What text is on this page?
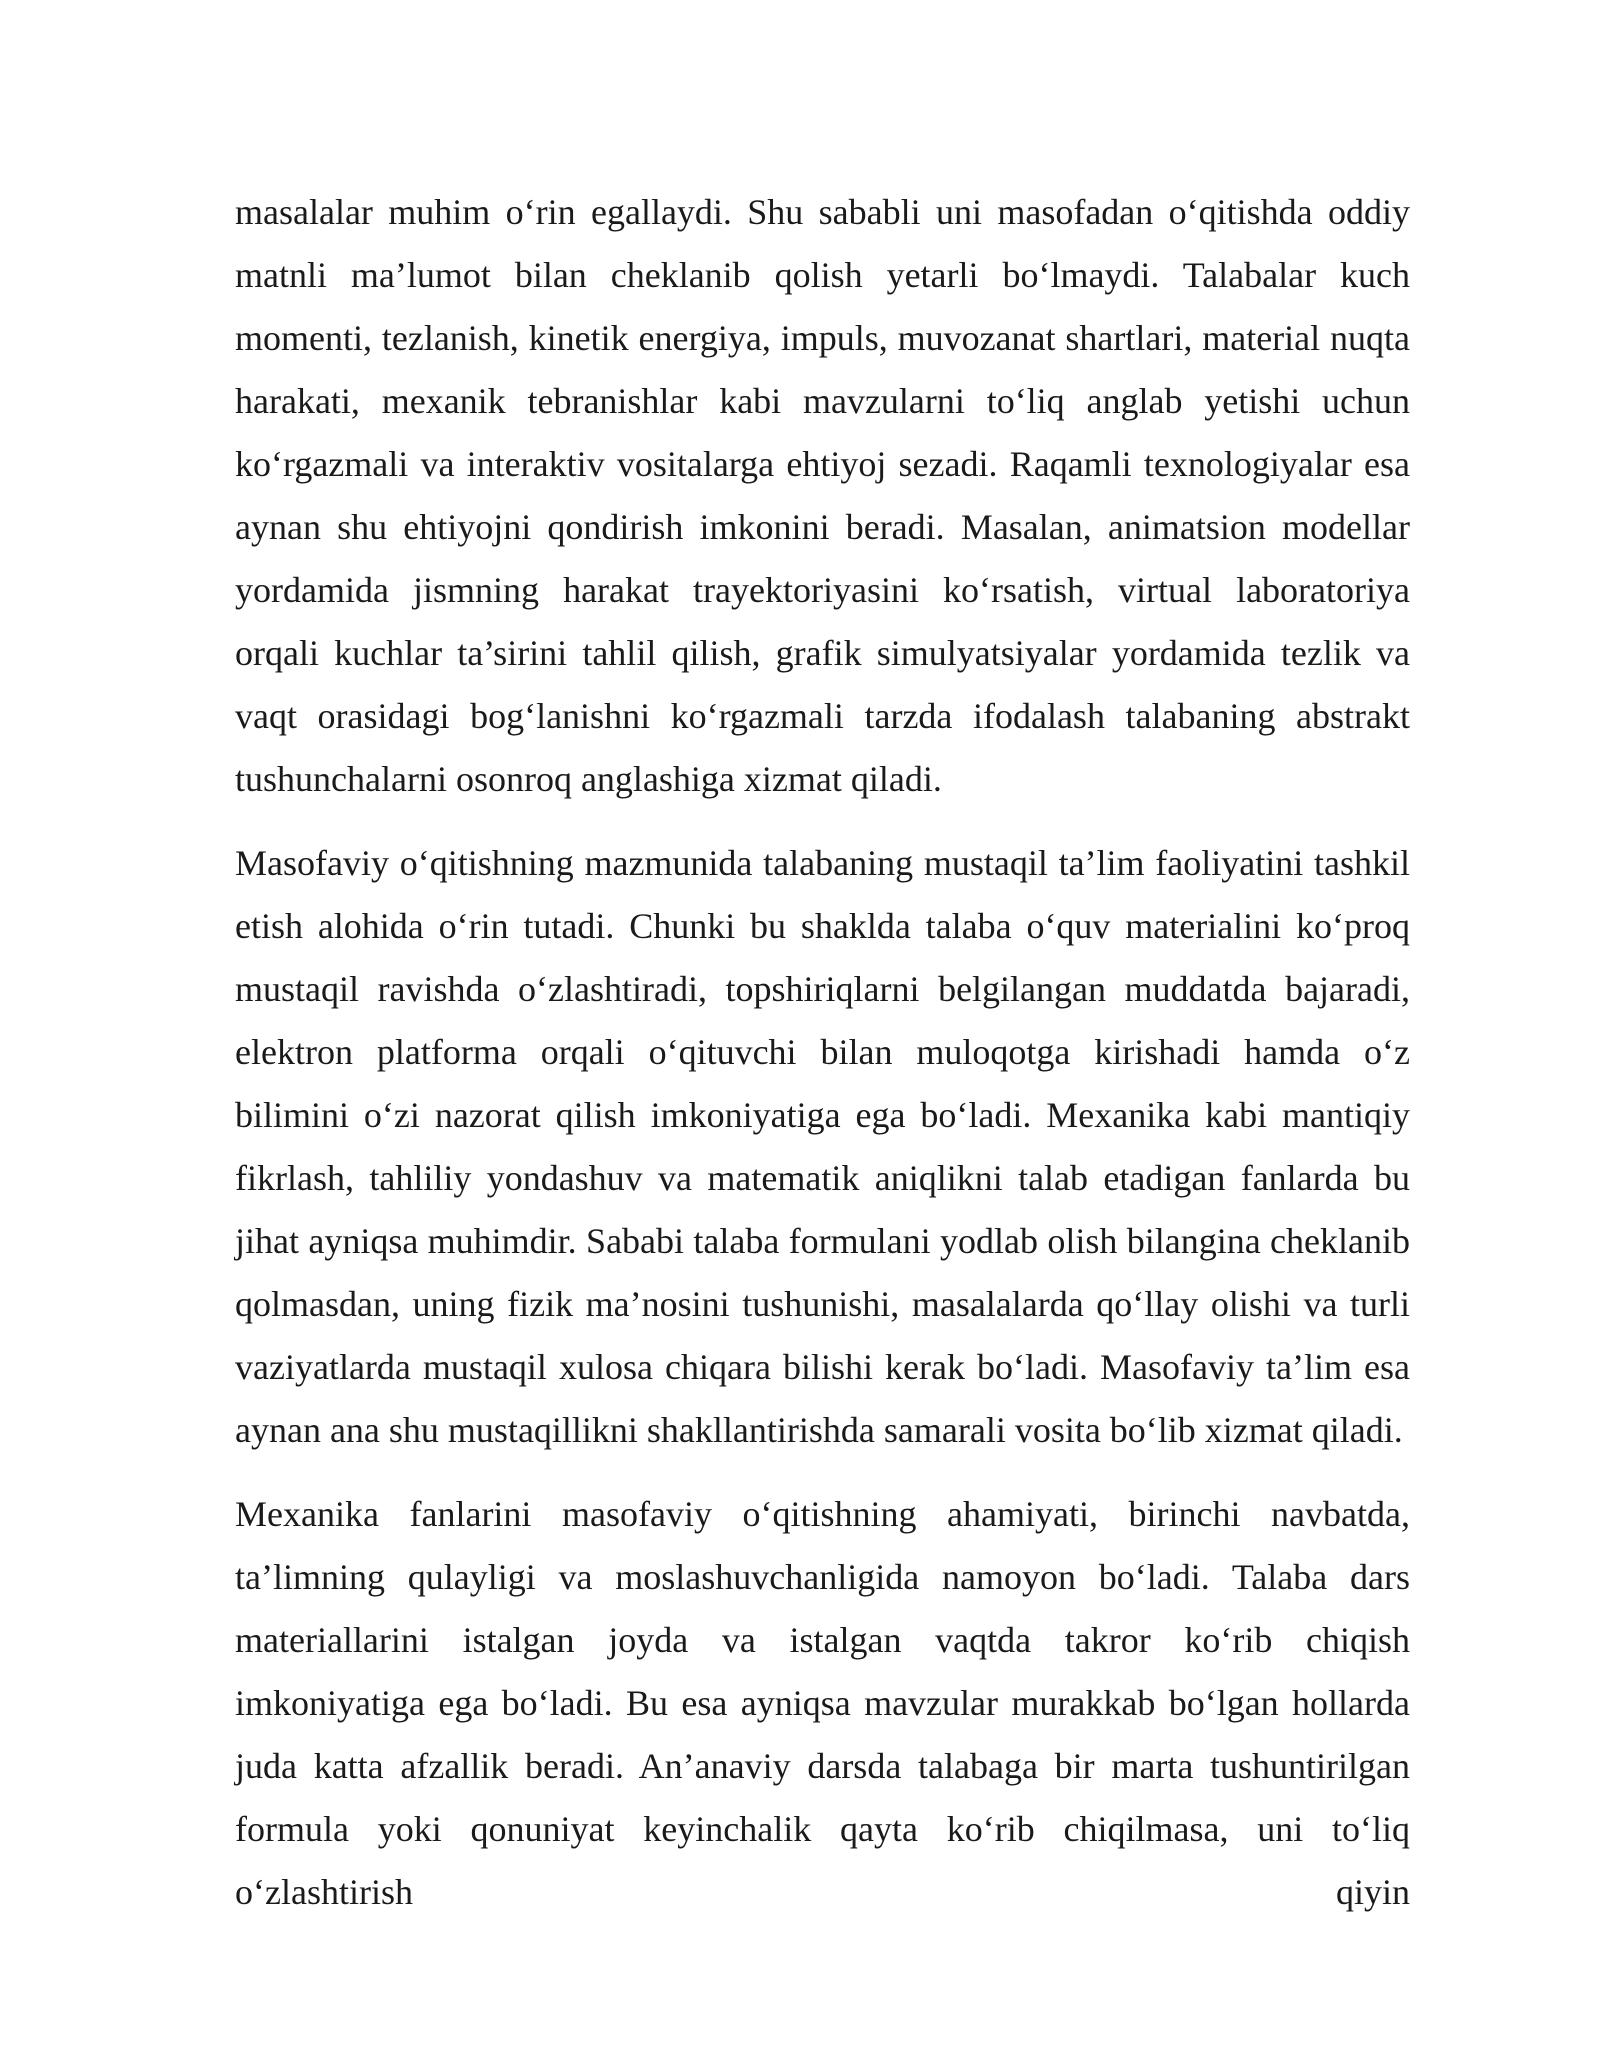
masalalar muhim o‘rin egallaydi. Shu sababli uni masofadan o‘qitishda oddiy matnli ma’lumot bilan cheklanib qolish yetarli bo‘lmaydi. Talabalar kuch momenti, tezlanish, kinetik energiya, impuls, muvozanat shartlari, material nuqta harakati, mexanik tebranishlar kabi mavzularni to‘liq anglab yetishi uchun ko‘rgazmali va interaktiv vositalarga ehtiyoj sezadi. Raqamli texnologiyalar esa aynan shu ehtiyojni qondirish imkonini beradi. Masalan, animatsion modellar yordamida jismning harakat trayektoriyasini ko‘rsatish, virtual laboratoriya orqali kuchlar ta’sirini tahlil qilish, grafik simulyatsiyalar yordamida tezlik va vaqt orasidagi bog‘lanishni ko‘rgazmali tarzda ifodalash talabaning abstrakt tushunchalarni osonroq anglashiga xizmat qiladi.

Masofaviy o‘qitishning mazmunida talabaning mustaqil ta’lim faoliyatini tashkil etish alohida o‘rin tutadi. Chunki bu shaklda talaba o‘quv materialini ko‘proq mustaqil ravishda o‘zlashtiradi, topshiriqlarni belgilangan muddatda bajaradi, elektron platforma orqali o‘qituvchi bilan muloqotga kirishadi hamda o‘z bilimini o‘zi nazorat qilish imkoniyatiga ega bo‘ladi. Mexanika kabi mantiqiy fikrlash, tahliliy yondashuv va matematik aniqlikni talab etadigan fanlarda bu jihat ayniqsa muhimdir. Sababi talaba formulani yodlab olish bilangina cheklanib qolmasdan, uning fizik ma’nosini tushunishi, masalalarda qo‘llay olishi va turli vaziyatlarda mustaqil xulosa chiqara bilishi kerak bo‘ladi. Masofaviy ta’lim esa aynan ana shu mustaqillikni shakllantirishda samarali vosita bo‘lib xizmat qiladi.

Mexanika fanlarini masofaviy o‘qitishning ahamiyati, birinchi navbatda, ta’limning qulayligi va moslashuvchanligida namoyon bo‘ladi. Talaba dars materiallarini istalgan joyda va istalgan vaqtda takror ko‘rib chiqish imkoniyatiga ega bo‘ladi. Bu esa ayniqsa mavzular murakkab bo‘lgan hollarda juda katta afzallik beradi. An’anaviy darsda talabaga bir marta tushuntirilgan formula yoki qonuniyat keyinchalik qayta ko‘rib chiqilmasa, uni to‘liq o‘zlashtirish qiyin
